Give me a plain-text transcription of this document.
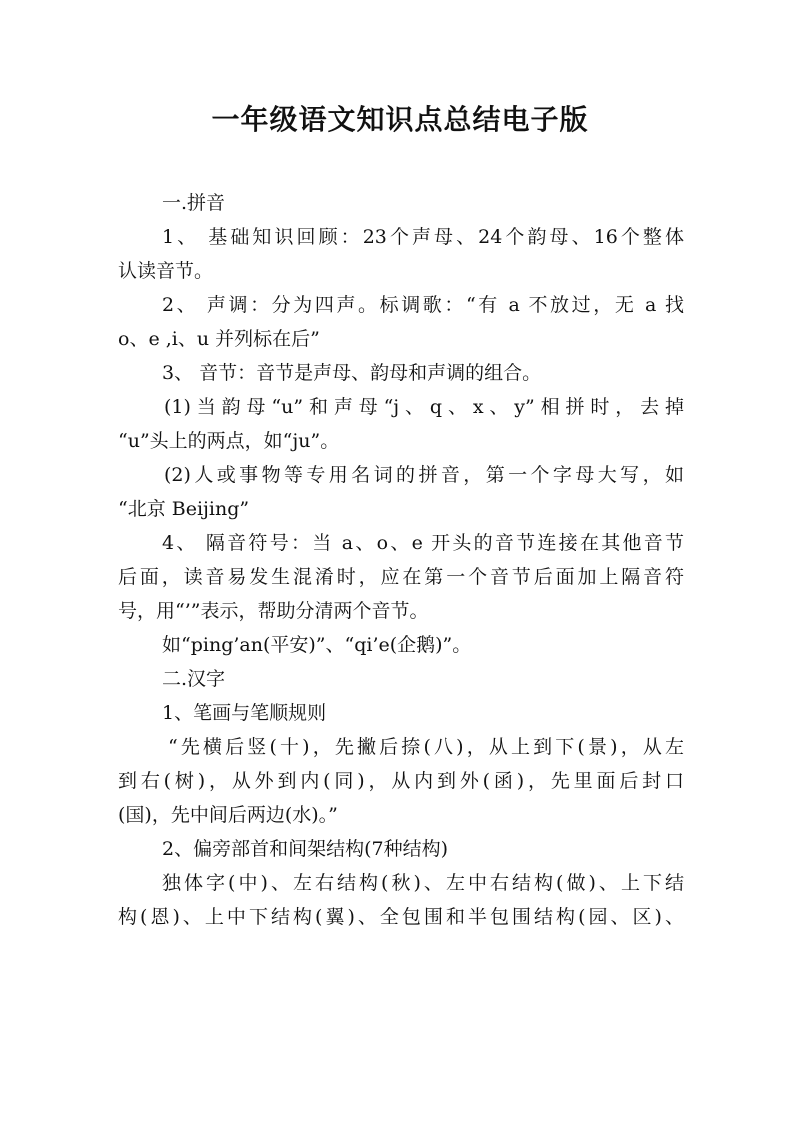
一年级语文知识点总结电子版

一.拼音

1、 基础知识回顾：23个声母、24个韵母、16个整体

认读音节。

2、 声调：分为四声。标调歌：“有 a 不放过，无 a 找

o、e ,i、u 并列标在后”

3、 音节：音节是声母、韵母和声调的组合。

(1)当韵母“u”和声母“j、q、x、y”相拼时，去掉

“u”头上的两点，如“ju”。

(2)人或事物等专用名词的拼音，第一个字母大写，如

“北京 Beijing”

4、 隔音符号：当 a、o、e 开头的音节连接在其他音节

后面，读音易发生混淆时，应在第一个音节后面加上隔音符

号，用“’”表示，帮助分清两个音节。

如“ping’an(平安)”、“qi’e(企鹅)”。

二.汉字

1、笔画与笔顺规则

“先横后竖(十)，先撇后捺(八)，从上到下(景)，从左

到右(树)，从外到内(同)，从内到外(函)，先里面后封口

(国)，先中间后两边(水)。”

2、偏旁部首和间架结构(7种结构)

独体字(中)、左右结构(秋)、左中右结构(做)、上下结

构(恩)、上中下结构(翼)、全包围和半包围结构(园、区)、
